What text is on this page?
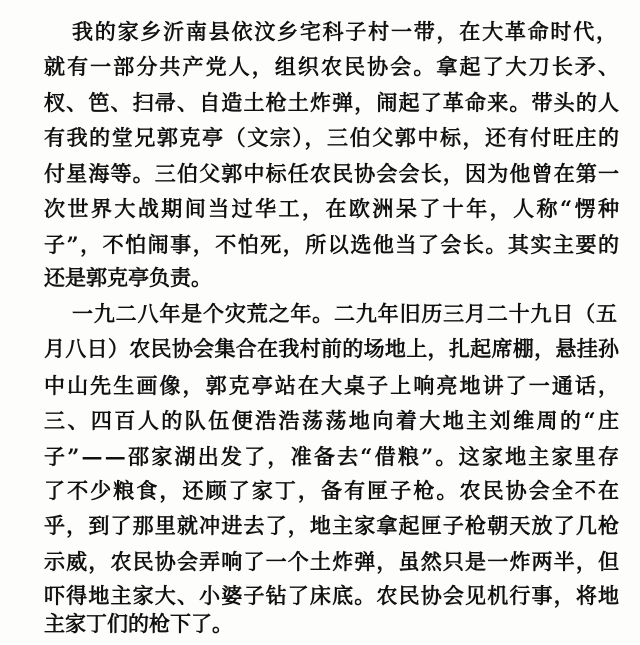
我的家乡沂南县依汶乡宅科子村一带，在大革命时代，
就有一部分共产党人，组织农民协会。拿起了大刀长矛、
杈、笆、扫帚、自造土枪土炸弹，闹起了革命来。带头的人
有我的堂兄郭克亭（文宗），三伯父郭中标，还有付旺庄的
付星海等。三伯父郭中标任农民协会会长，因为他曾在第一
次世界大战期间当过华工，在欧洲呆了十年，人称“愣种
子”，不怕闹事，不怕死，所以选他当了会长。其实主要的
还是郭克亭负责。
一九二八年是个灾荒之年。二九年旧历三月二十九日（五
月八日）农民协会集合在我村前的场地上，扎起席棚，悬挂孙
中山先生画像，郭克亭站在大桌子上响亮地讲了一通话，
三、四百人的队伍便浩浩荡荡地向着大地主刘维周的“庄
子”——邵家湖出发了，准备去“借粮”。这家地主家里存
了不少粮食，还顾了家丁，备有匣子枪。农民协会全不在
乎，到了那里就冲进去了，地主家拿起匣子枪朝天放了几枪
示威，农民协会弄响了一个土炸弹，虽然只是一炸两半，但
吓得地主家大、小婆子钻了床底。农民协会见机行事，将地
主家丁们的枪下了。
